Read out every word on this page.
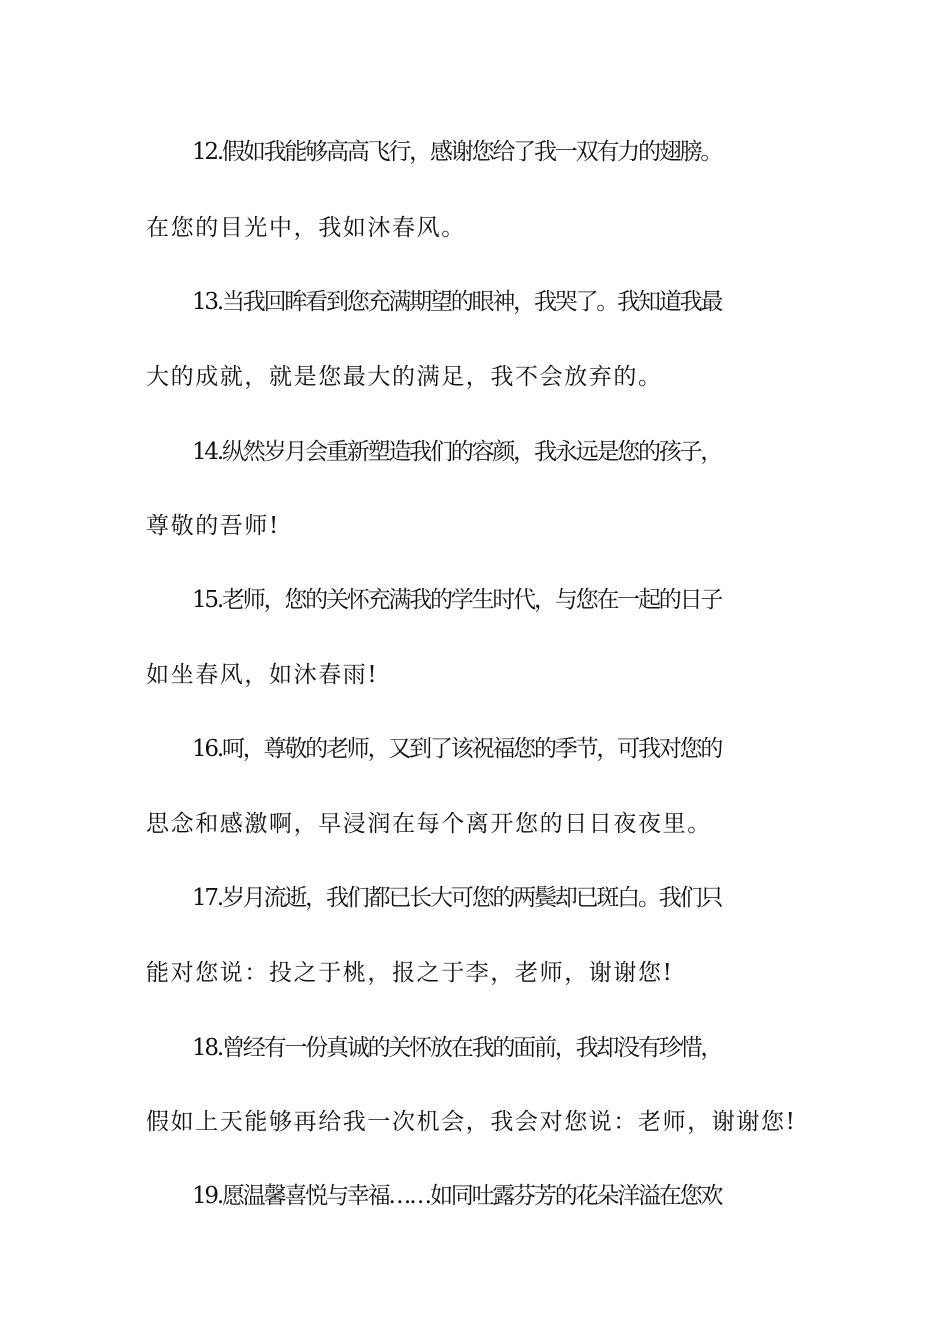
12.假如我能够高高飞行，感谢您给了我一双有力的翅膀。
在您的目光中，我如沐春风。
13.当我回眸看到您充满期望的眼神，我哭了。我知道我最
大的成就，就是您最大的满足，我不会放弃的。
14.纵然岁月会重新塑造我们的容颜，我永远是您的孩子，
尊敬的吾师!
15.老师，您的关怀充满我的学生时代，与您在一起的日子
如坐春风，如沐春雨!
16.呵，尊敬的老师，又到了该祝福您的季节，可我对您的
思念和感激啊，早浸润在每个离开您的日日夜夜里。
17.岁月流逝，我们都已长大可您的两鬓却已斑白。我们只
能对您说：投之于桃，报之于李，老师，谢谢您!
18.曾经有一份真诚的关怀放在我的面前，我却没有珍惜，
假如上天能够再给我一次机会，我会对您说：老师，谢谢您!
19.愿温馨喜悦与幸福……如同吐露芬芳的花朵洋溢在您欢
